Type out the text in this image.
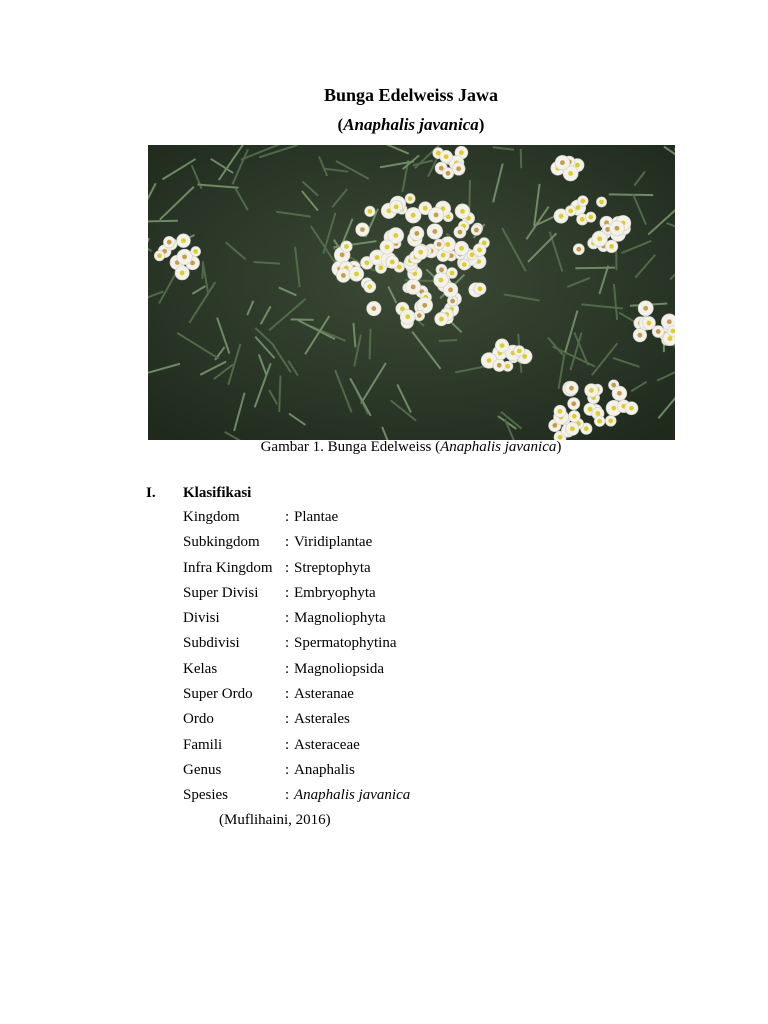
Bunga Edelweiss Jawa
(Anaphalis javanica)
Gambar 1. Bunga Edelweiss (Anaphalis javanica)
I. Klasifikasi
Kingdom	: Plantae
Subkingdom	: Viridiplantae
Infra Kingdom : Streptophyta
Super Divisi	: Embryophyta
Divisi	: Magnoliophyta
Subdivisi	: Spermatophytina
Kelas	: Magnoliopsida
Super Ordo	: Asteranae
Ordo	: Asterales
Famili	: Asteraceae
Genus	: Anaphalis
Spesies	: Anaphalis javanica
(Muflihaini, 2016)
